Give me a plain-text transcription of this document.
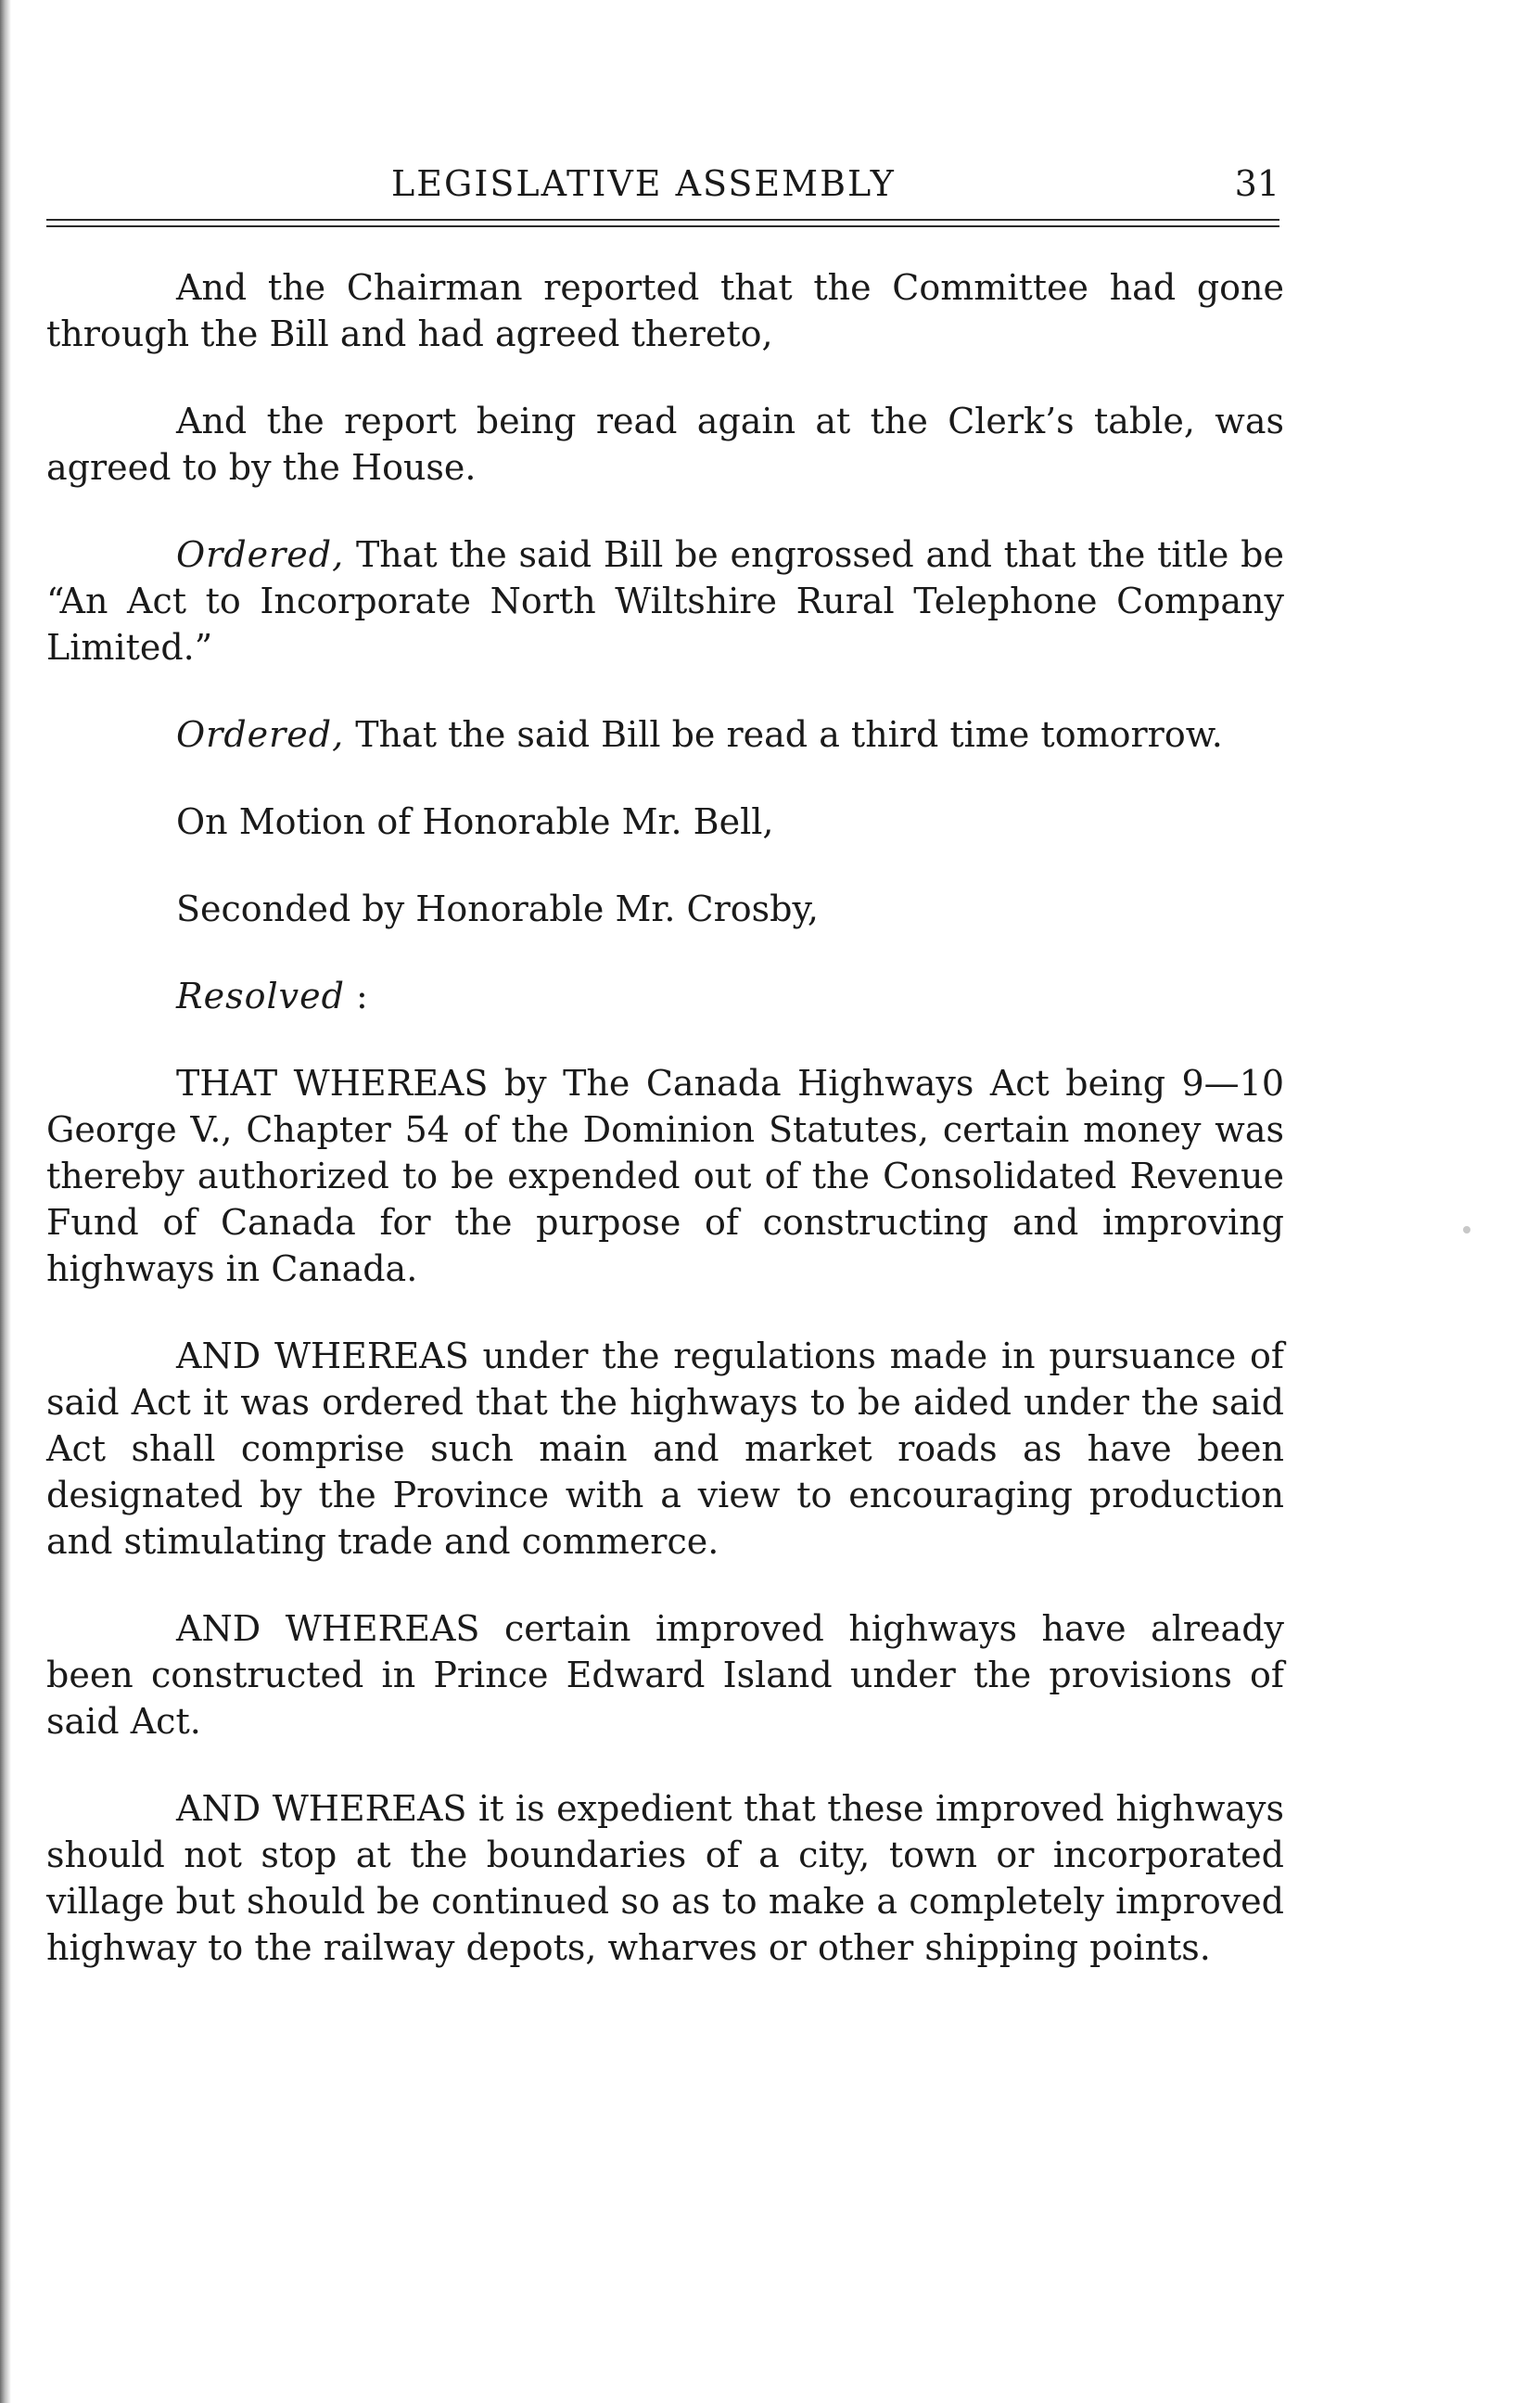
LEGISLATIVE ASSEMBLY	31

And the Chairman reported that the Committee had gone through the Bill and had agreed thereto,

And the report being read again at the Clerk’s table, was agreed to by the House.

Ordered, That the said Bill be engrossed and that the title be “An Act to Incorporate North Wiltshire Rural Telephone Company Limited.”

Ordered, That the said Bill be read a third time tomorrow.

On Motion of Honorable Mr. Bell,

Seconded by Honorable Mr. Crosby,

Resolved :

THAT WHEREAS by The Canada Highways Act being 9—10 George V., Chapter 54 of the Dominion Statutes, certain money was thereby authorized to be expended out of the Consolidated Revenue Fund of Canada for the purpose of constructing and improving highways in Canada.

AND WHEREAS under the regulations made in pursuance of said Act it was ordered that the highways to be aided under the said Act shall comprise such main and market roads as have been designated by the Province with a view to encouraging production and stimulating trade and commerce.

AND WHEREAS certain improved highways have already been constructed in Prince Edward Island under the provisions of said Act.

AND WHEREAS it is expedient that these improved highways should not stop at the boundaries of a city, town or incorporated village but should be continued so as to make a completely improved highway to the railway depots, wharves or other shipping points.
